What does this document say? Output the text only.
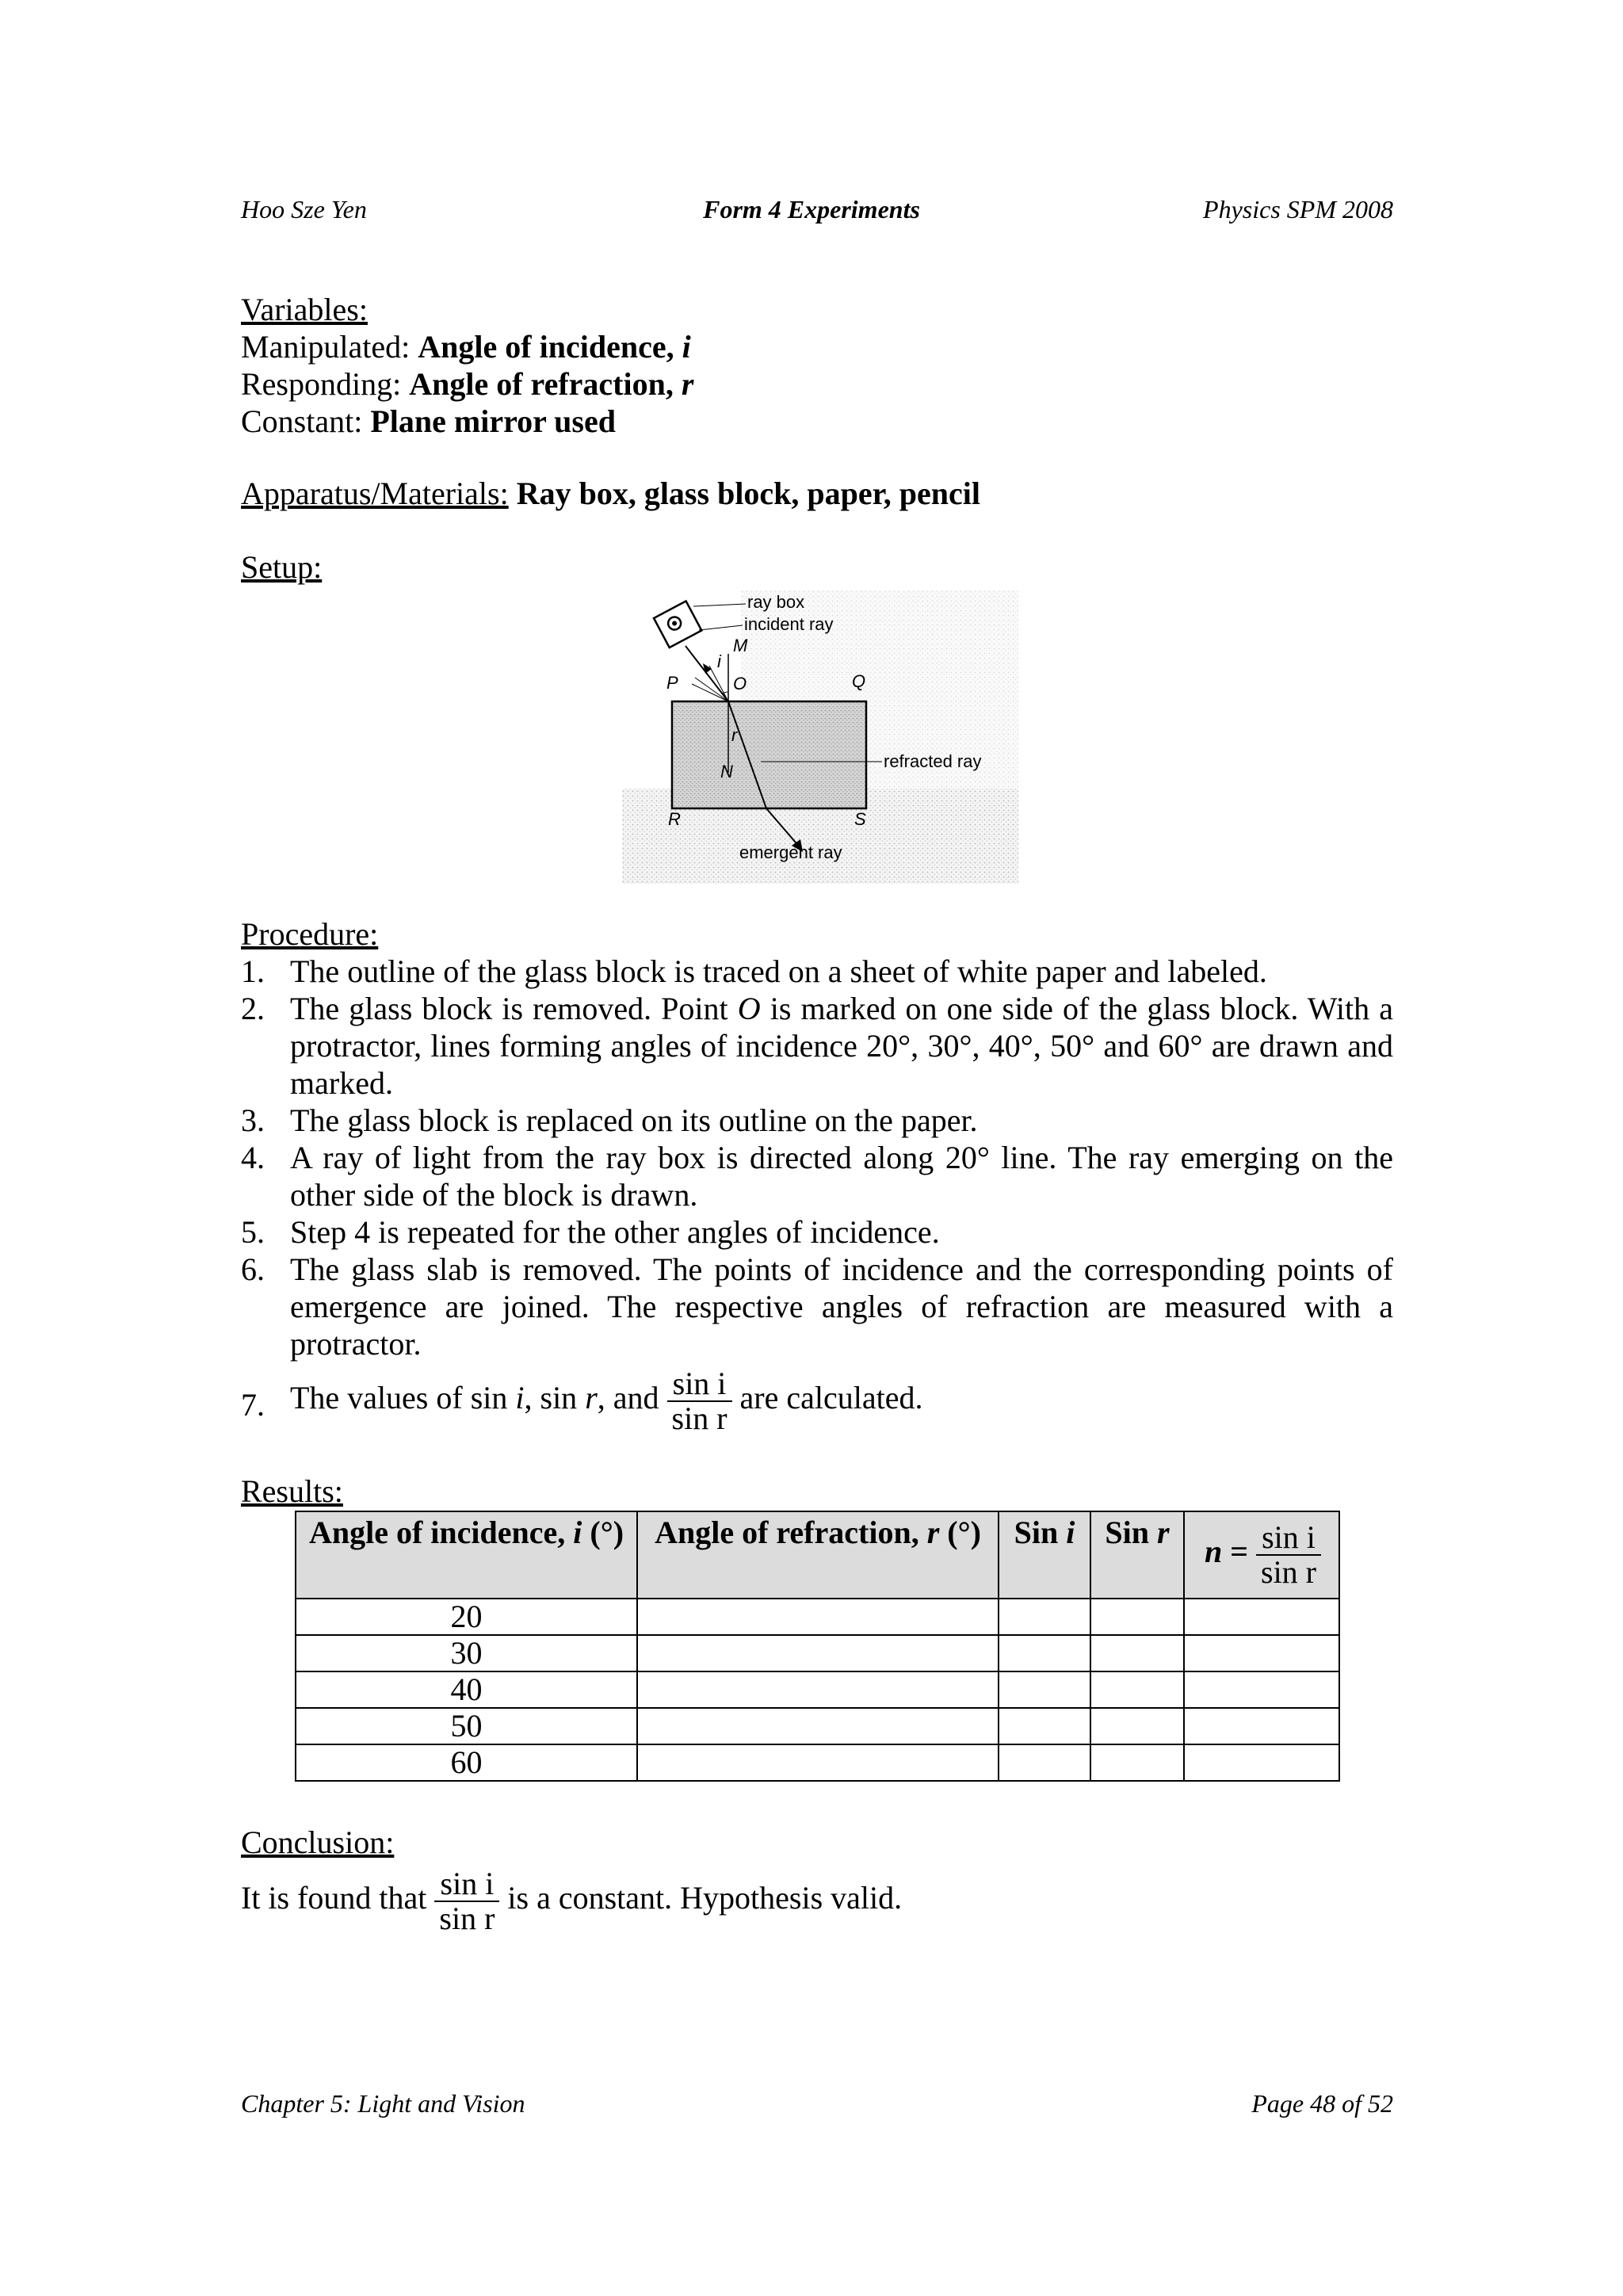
Hoo Sze Yen	Form 4 Experiments	Physics SPM 2008
Variables:
Manipulated: Angle of incidence, i
Responding: Angle of refraction, r
Constant: Plane mirror used
Apparatus/Materials: Ray box, glass block, paper, pencil
Setup:
ray box
incident ray
M
i
P	O	Q
r
N
refracted ray
R	S
emergent ray
Procedure:
1. The outline of the glass block is traced on a sheet of white paper and labeled.
2. The glass block is removed. Point O is marked on one side of the glass block. With a protractor, lines forming angles of incidence 20°, 30°, 40°, 50° and 60° are drawn and marked.
3. The glass block is replaced on its outline on the paper.
4. A ray of light from the ray box is directed along 20° line. The ray emerging on the other side of the block is drawn.
5. Step 4 is repeated for the other angles of incidence.
6. The glass slab is removed. The points of incidence and the corresponding points of emergence are joined. The respective angles of refraction are measured with a protractor.
7. The values of sin i, sin r, and $\frac{\text{sin i}}{\text{sin r}}$ are calculated.
Results:
Angle of incidence, i (°)	Angle of refraction, r (°)	Sin i	Sin r	$n = \frac{\text{sin i}}{\text{sin r}}$

20				
30				
40				
50				
60				
Conclusion:
It is found that $\frac{\text{sin i}}{\text{sin r}}$ is a constant. Hypothesis valid.
Chapter 5: Light and Vision	Page 48 of 52
